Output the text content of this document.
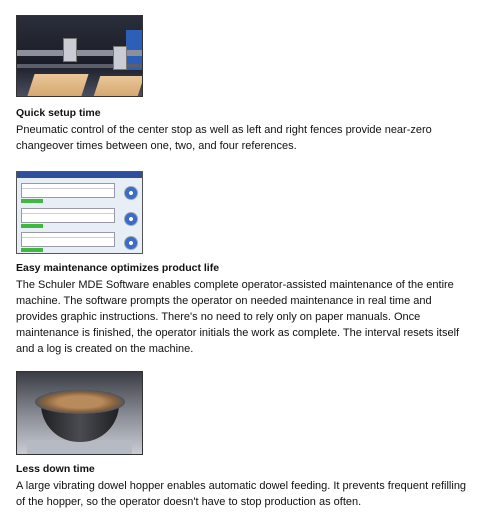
Quick setup time

Pneumatic control of the center stop as well as left and right fences provide near-zero changeover times between one, two, and four references.

Easy maintenance optimizes product life

The Schuler MDE Software enables complete operator-assisted maintenance of the entire machine. The software prompts the operator on needed maintenance in real time and provides graphic instructions. There's no need to rely only on paper manuals. Once maintenance is finished, the operator initials the work as complete. The interval resets itself and a log is created on the machine.

Less down time

A large vibrating dowel hopper enables automatic dowel feeding. It prevents frequent refilling of the hopper, so the operator doesn't have to stop production as often.
